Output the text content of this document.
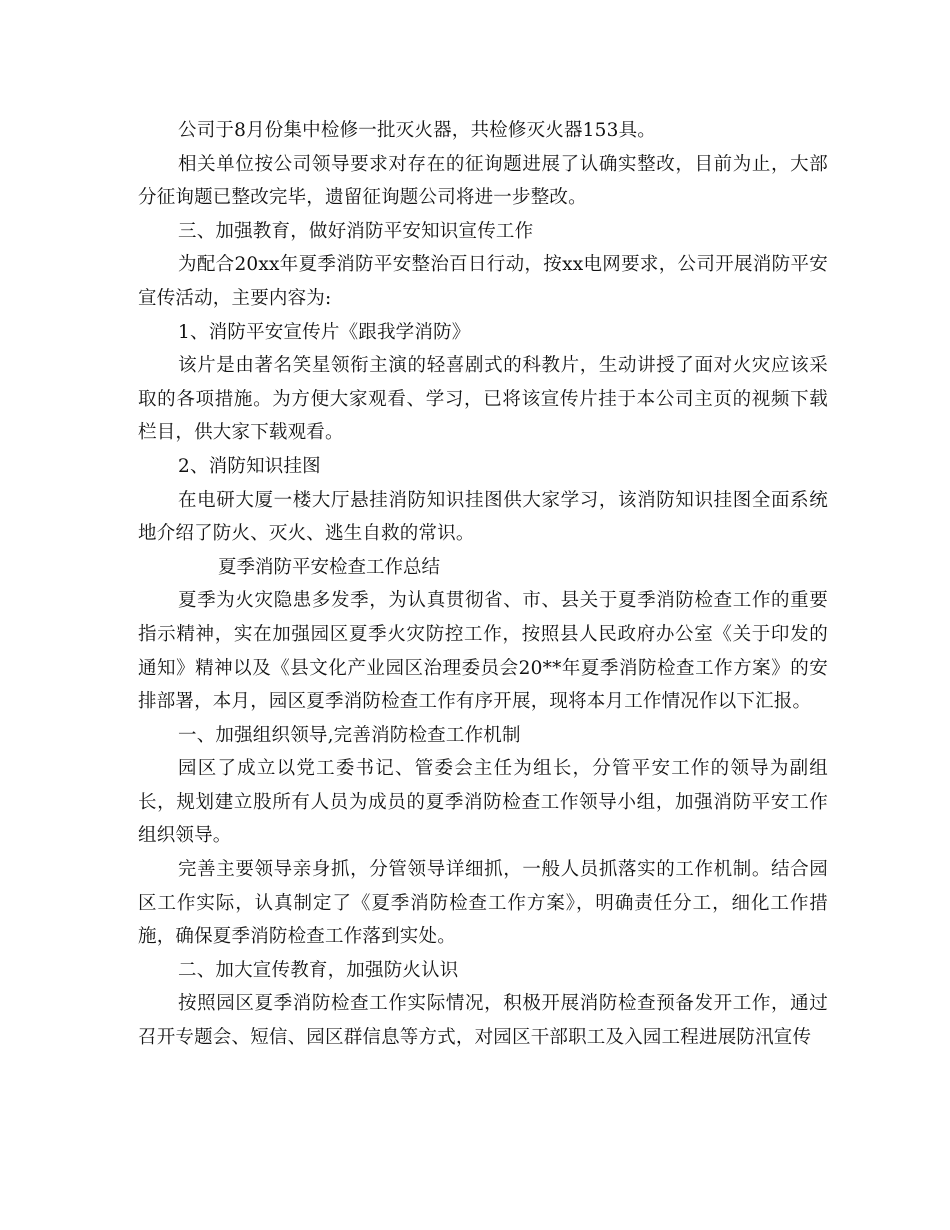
公司于8月份集中检修一批灭火器，共检修灭火器153具。

相关单位按公司领导要求对存在的征询题进展了认确实整改，目前为止，大部分征询题已整改完毕，遗留征询题公司将进一步整改。

三、加强教育，做好消防平安知识宣传工作

为配合20xx年夏季消防平安整治百日行动，按xx电网要求，公司开展消防平安宣传活动，主要内容为:

1、消防平安宣传片《跟我学消防》

该片是由著名笑星领衔主演的轻喜剧式的科教片，生动讲授了面对火灾应该采取的各项措施。为方便大家观看、学习，已将该宣传片挂于本公司主页的视频下载栏目，供大家下载观看。

2、消防知识挂图

在电研大厦一楼大厅悬挂消防知识挂图供大家学习，该消防知识挂图全面系统地介绍了防火、灭火、逃生自救的常识。

夏季消防平安检查工作总结

夏季为火灾隐患多发季，为认真贯彻省、市、县关于夏季消防检查工作的重要指示精神，实在加强园区夏季火灾防控工作，按照县人民政府办公室《关于印发的通知》精神以及《县文化产业园区治理委员会20**年夏季消防检查工作方案》的安排部署，本月，园区夏季消防检查工作有序开展，现将本月工作情况作以下汇报。

一、加强组织领导,完善消防检查工作机制

园区了成立以党工委书记、管委会主任为组长，分管平安工作的领导为副组长，规划建立股所有人员为成员的夏季消防检查工作领导小组，加强消防平安工作组织领导。

完善主要领导亲身抓，分管领导详细抓，一般人员抓落实的工作机制。结合园区工作实际，认真制定了《夏季消防检查工作方案》，明确责任分工，细化工作措施，确保夏季消防检查工作落到实处。

二、加大宣传教育，加强防火认识

按照园区夏季消防检查工作实际情况，积极开展消防检查预备发开工作，通过召开专题会、短信、园区群信息等方式，对园区干部职工及入园工程进展防汛宣传
